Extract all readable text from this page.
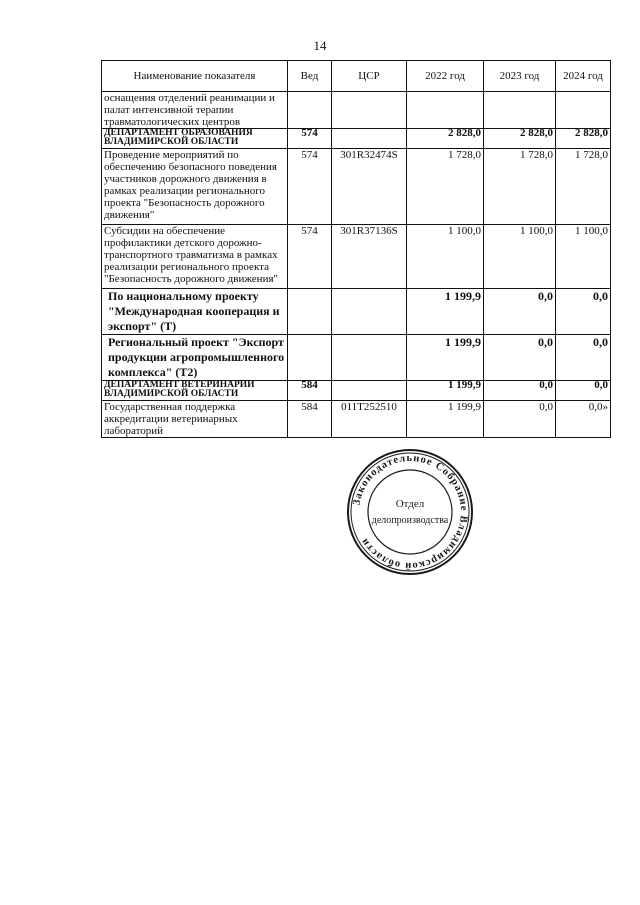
14
Наименование показателя	Вед	ЦСР	2022 год	2023 год	2024 год
оснащения отделений реанимации и палат интенсивной терапии травматологических центров					
ДЕПАРТАМЕНТ ОБРАЗОВАНИЯ ВЛАДИМИРСКОЙ ОБЛАСТИ	574		2 828,0	2 828,0	2 828,0
Проведение мероприятий по обеспечению безопасного поведения участников дорожного движения в рамках реализации регионального проекта "Безопасность дорожного движения"	574	301R32474S	1 728,0	1 728,0	1 728,0
Субсидии на обеспечение профилактики детского дорожно-транспортного травматизма в рамках реализации регионального проекта "Безопасность дорожного движения"	574	301R37136S	1 100,0	1 100,0	1 100,0
По национальному проекту "Международная кооперация и экспорт" (Т)			1 199,9	0,0	0,0
Региональный проект "Экспорт продукции агропромышленного комплекса" (Т2)			1 199,9	0,0	0,0
ДЕПАРТАМЕНТ ВЕТЕРИНАРИИ ВЛАДИМИРСКОЙ ОБЛАСТИ	584		1 199,9	0,0	0,0
Государственная поддержка аккредитации ветеринарных лабораторий	584	011T252510	1 199,9	0,0	0,0»
Законодательное Собрание Владимирской области
Отдел
делопроизводства
